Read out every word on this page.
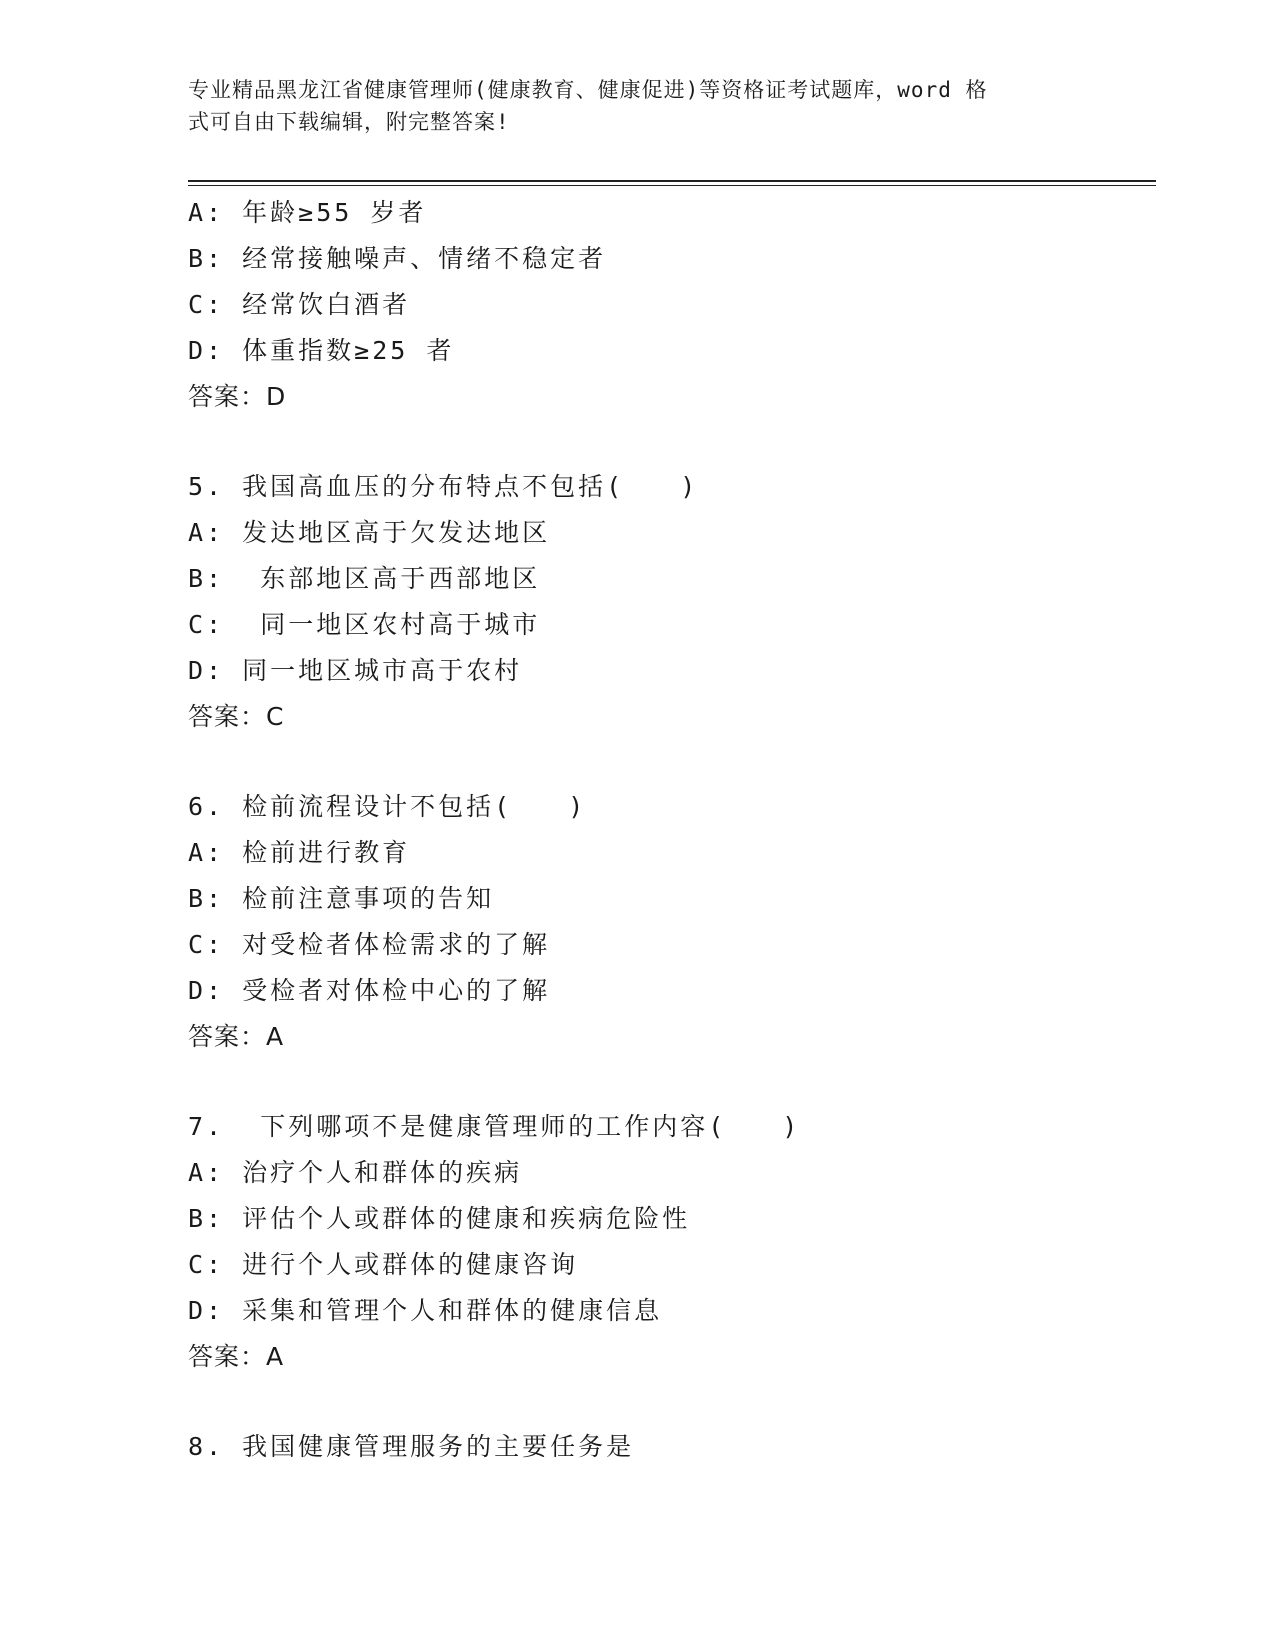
专业精品黑龙江省健康管理师(健康教育、健康促进)等资格证考试题库，word 格
式可自由下载编辑，附完整答案!
A: 年龄≥55 岁者
B: 经常接触噪声、情绪不稳定者
C: 经常饮白酒者
D: 体重指数≥25 者
答案：D
5. 我国高血压的分布特点不包括(　　)
A: 发达地区高于欠发达地区
B:  东部地区高于西部地区
C:  同一地区农村高于城市
D: 同一地区城市高于农村
答案：C
6. 检前流程设计不包括(　　)
A: 检前进行教育
B: 检前注意事项的告知
C: 对受检者体检需求的了解
D: 受检者对体检中心的了解
答案：A
7.  下列哪项不是健康管理师的工作内容(　　)
A: 治疗个人和群体的疾病
B: 评估个人或群体的健康和疾病危险性
C: 进行个人或群体的健康咨询
D: 采集和管理个人和群体的健康信息
答案：A
8. 我国健康管理服务的主要任务是
